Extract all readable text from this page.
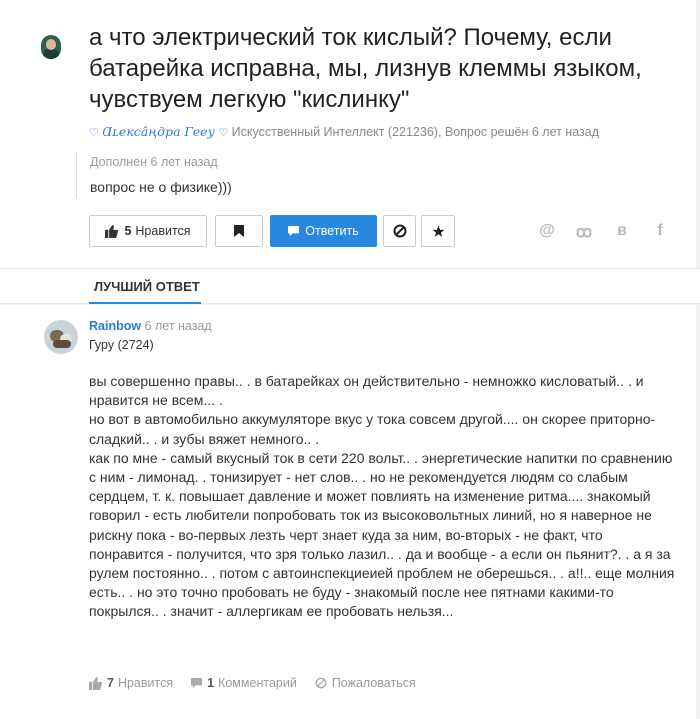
а что электрический ток кислый? Почему, если батарейка исправна, мы, лизнув клеммы языком, чувствуем легкую "кислинку"
♡ Ɑʟекса̂ңдра Гееу ♡ Искусственный Интеллект (221236), Вопрос решён 6 лет назад
Дополнен 6 лет назад
вопрос не о физике)))
5 Нравится	Ответить	@ ꝏ	в	f
ЛУЧШИЙ ОТВЕТ
Rainbow 6 лет назад
Гуру (2724)

вы совершенно правы.. . в батарейках он действительно - немножко кисловатый.. . и нравится не всем... .

но вот в автомобильно аккумуляторе вкус у тока совсем другой.... он скорее приторно-сладкий.. . и зубы вяжет немного.. .

как по мне - самый вкусный ток в сети 220 вольт.. . энергетические напитки по сравнению с ним - лимонад. . тонизирует - нет слов.. . но не рекомендуется людям со слабым сердцем, т. к. повышает давление и может повлиять на изменение ритма.... знакомый говорил - есть любители попробовать ток из высоковольтных линий, но я наверное не рискну пока - во-первых лезть черт знает куда за ним, во-вторых - не факт, что понравится - получится, что зря только лазил.. . да и вообще - а если он пьянит?. . а я за рулем постоянно.. . потом с автоинспекциеией проблем не оберешься.. . а!!.. еще молния есть.. . но это точно пробовать не буду - знакомый после нее пятнами какими-то покрылся.. . значит - аллергикам ее пробовать нельзя...

7 Нравится	1 Комментарий	Пожаловаться
